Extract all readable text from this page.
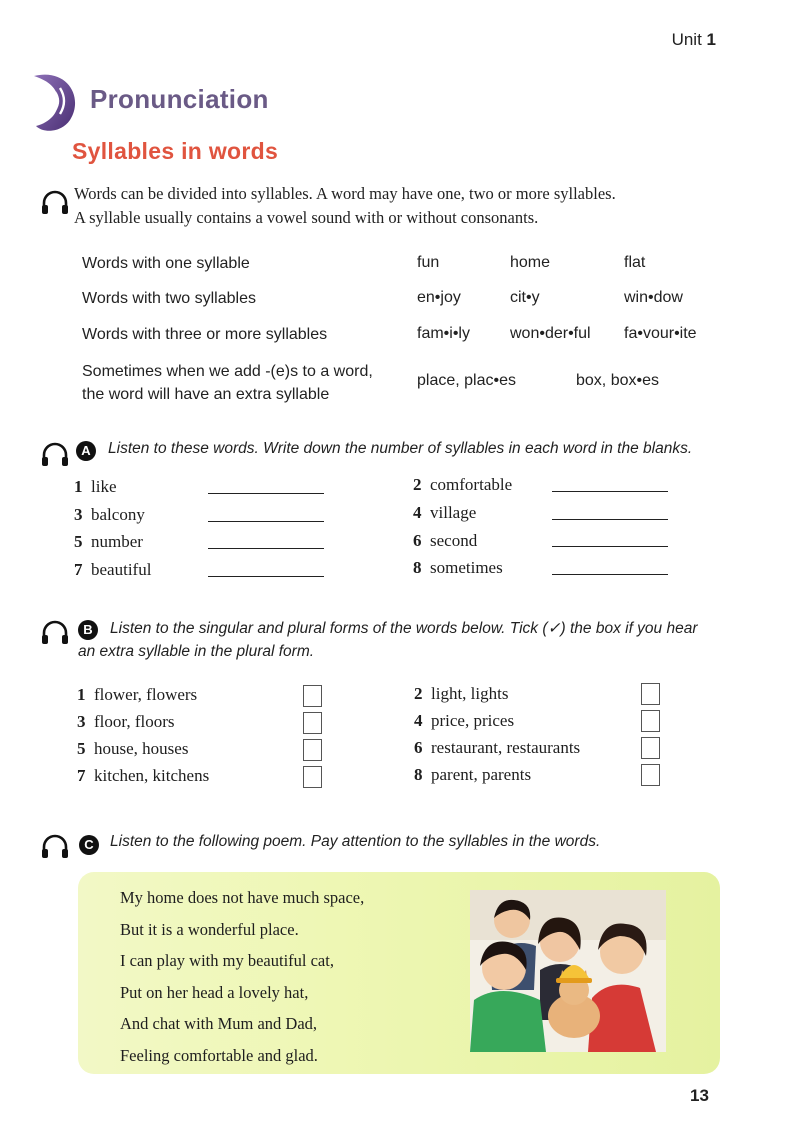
Unit 1
Pronunciation
Syllables in words
Words can be divided into syllables. A word may have one, two or more syllables.
A syllable usually contains a vowel sound with or without consonants.
Words with one syllable	fun	home	flat
Words with two syllables	en•joy	cit•y	win•dow
Words with three or more syllables	fam•i•ly	won•der•ful fa•vour•ite
Sometimes when we add -(e)s to a word,
the word will have an extra syllable
place, plac•es	box, box•es
A	Listen to these words. Write down the number of syllables in each word in the blanks.
1 like	2 comfortable
3 balcony	4 village
5 number	6 second
7 beautiful	8 sometimes
B	Listen to the singular and plural forms of the words below. Tick (✓) the box if you hear
an extra syllable in the plural form.
1 flower, flowers	2 light, lights
3 floor, floors	4 price, prices
5 house, houses	6 restaurant, restaurants
7 kitchen, kitchens	8 parent, parents
C	Listen to the following poem. Pay attention to the syllables in the words.
My home does not have much space,
But it is a wonderful place.
I can play with my beautiful cat,
Put on her head a lovely hat,
And chat with Mum and Dad,
Feeling comfortable and glad.
13
